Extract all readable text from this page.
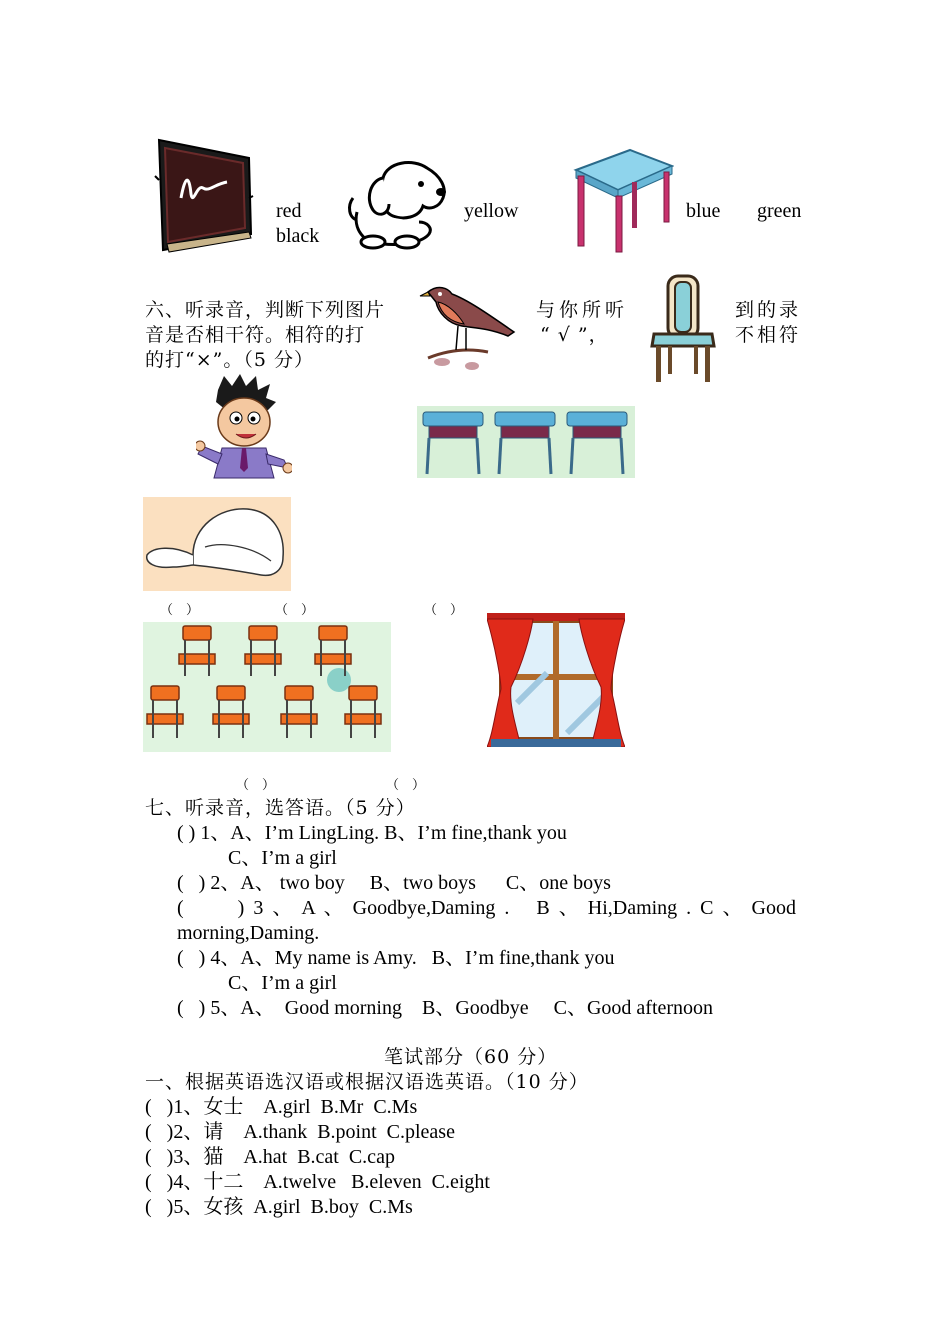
red
black
yellow	blue green
六、听录音，判断下列图片
音是否相干符。相符的打
的打“×”。（5 分）
与你所听
“ √ ”，
到的录
不相符
（　）	（　）	（　）
（　）	（　）
七、听录音，选答语。（5 分）
( ) 1、A、I’m LingLing. B、I’m fine,thank you
C、I’m a girl
(   ) 2、A、 two boy     B、two boys      C、one boys
(      ) 3 、 A 、 Goodbye,Daming .   B 、 Hi,Daming . C 、 Good
morning,Daming.
(   ) 4、A、My name is Amy.   B、I’m fine,thank you
C、I’m a girl
(   ) 5、A、  Good morning    B、Goodbye     C、Good afternoon
笔试部分（60 分）
一、根据英语选汉语或根据汉语选英语。（10 分）
(   )1、女士    A.girl  B.Mr  C.Ms
(   )2、请    A.thank  B.point  C.please
(   )3、猫    A.hat  B.cat  C.cap
(   )4、十二    A.twelve   B.eleven  C.eight
(   )5、女孩  A.girl  B.boy  C.Ms
